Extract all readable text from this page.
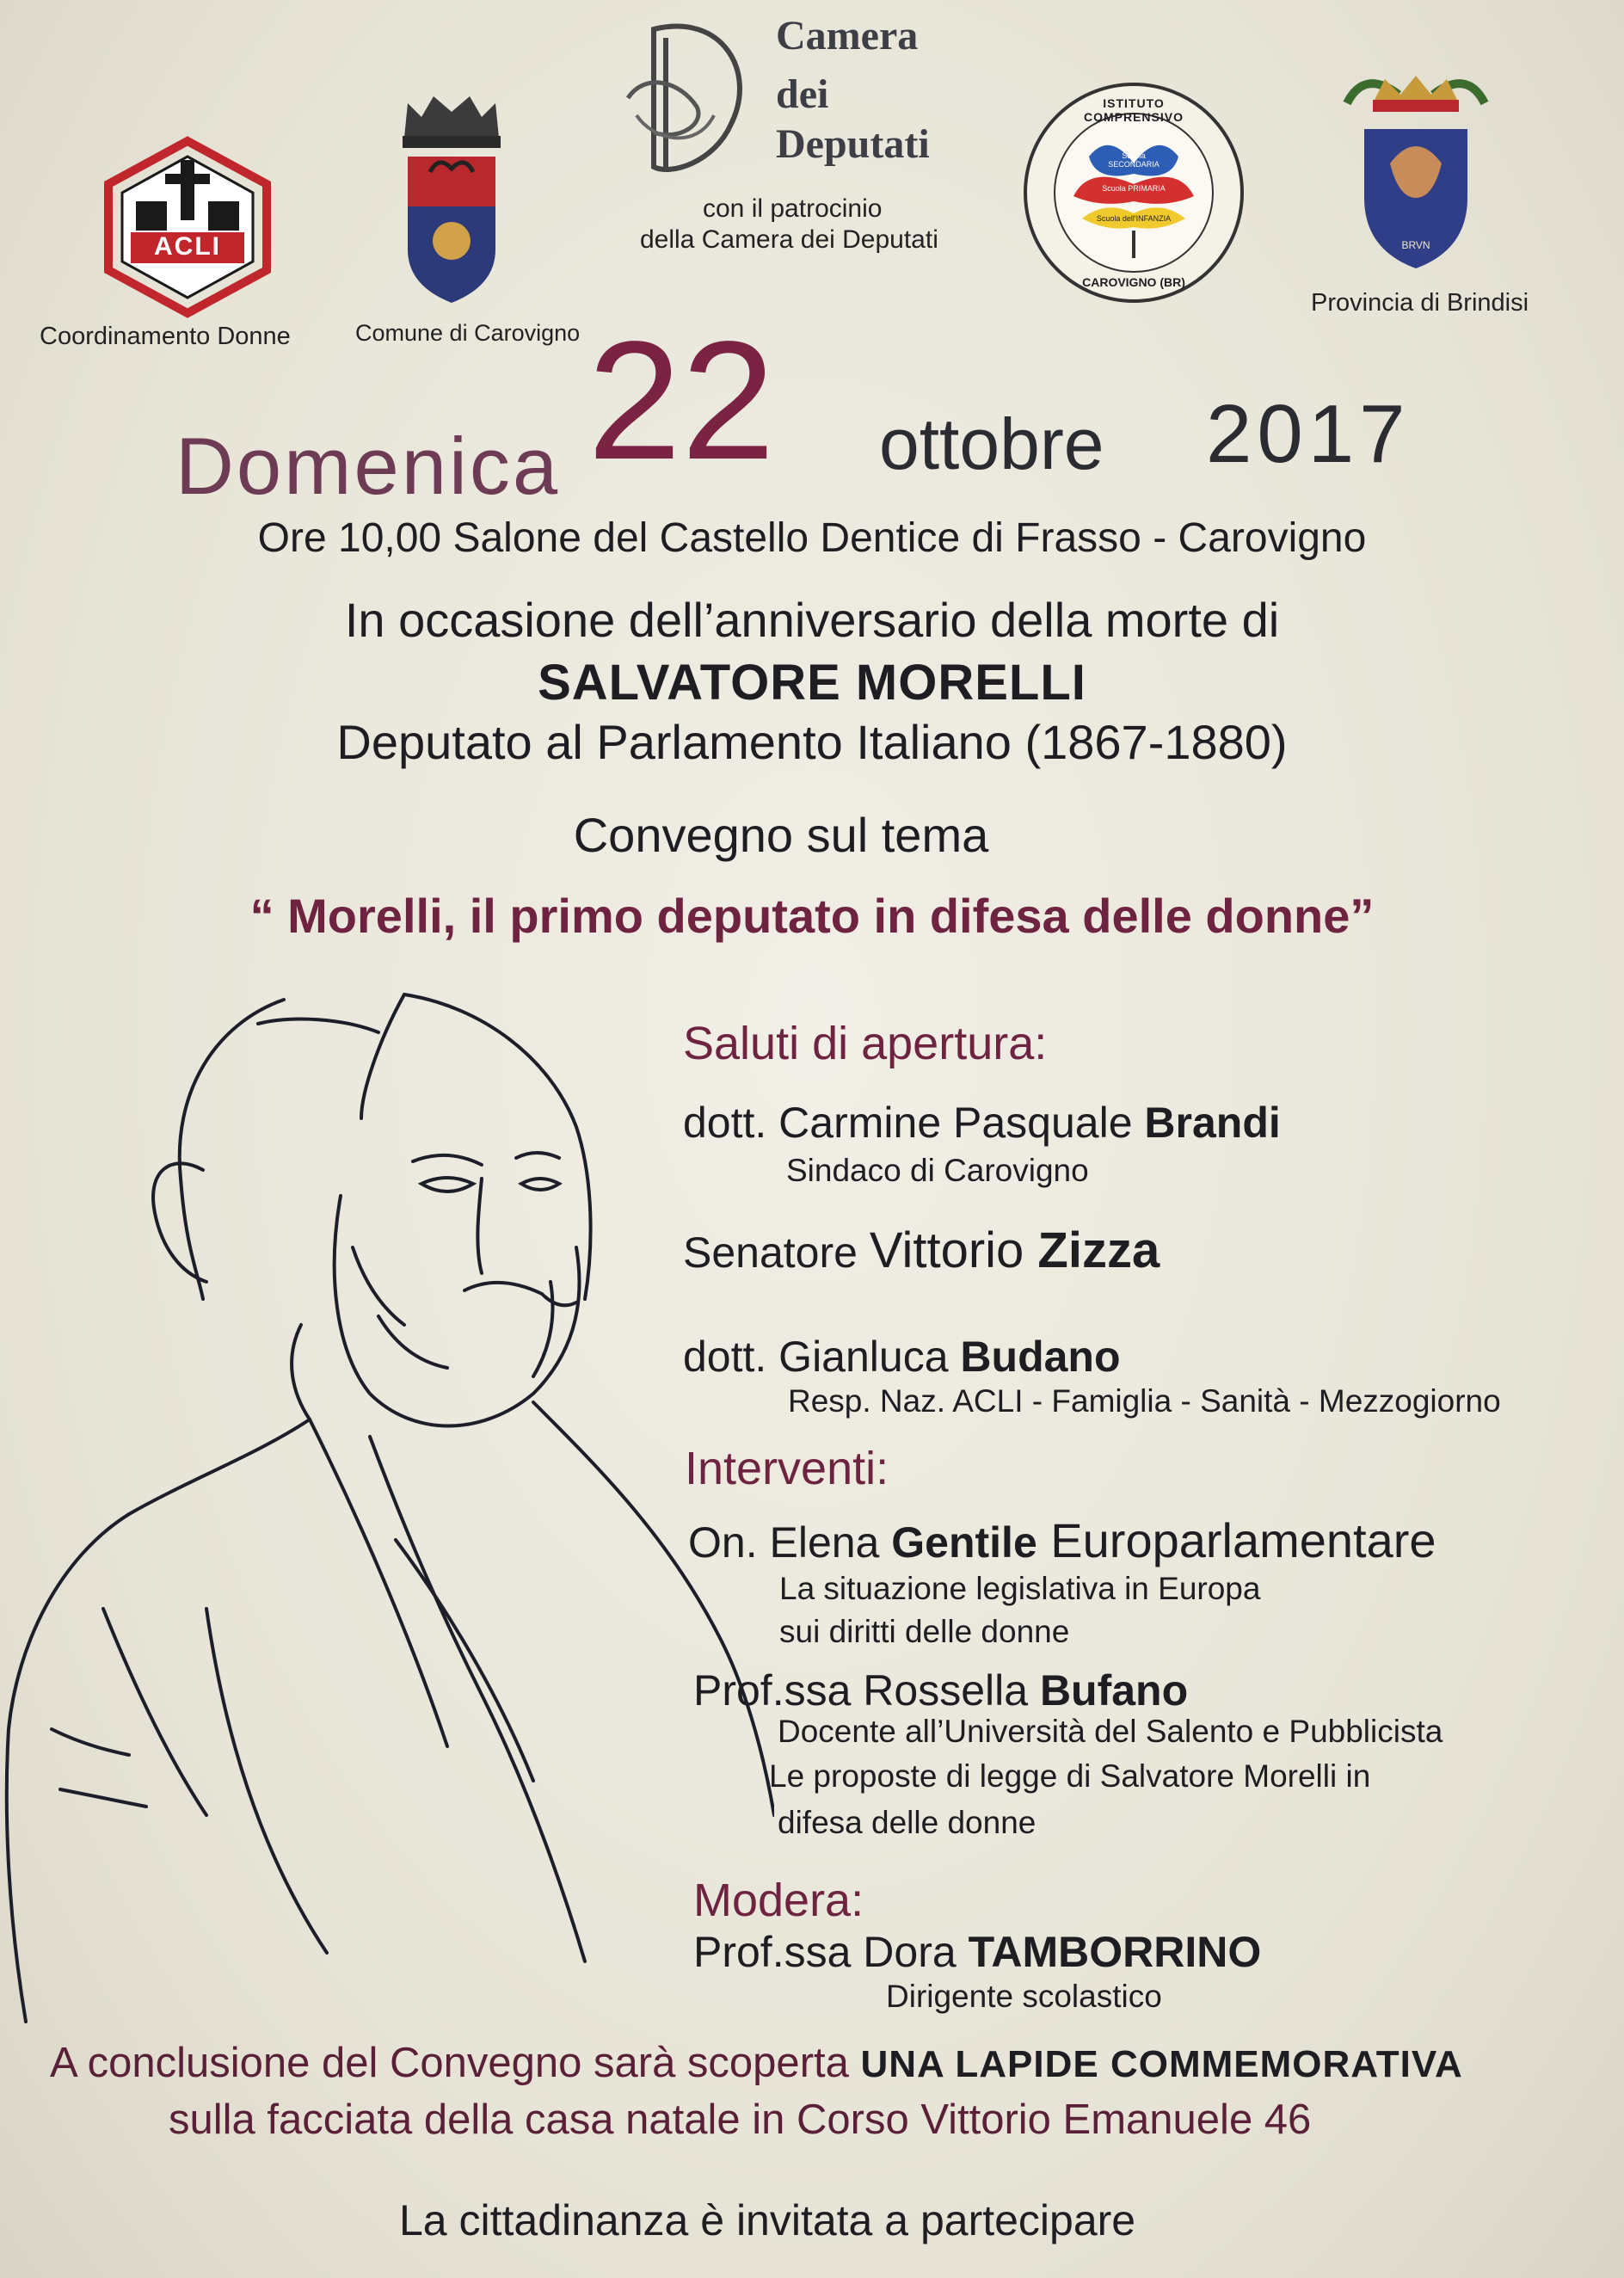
ACLI
Coordinamento Donne	Comune di Carovigno
Camera
dei
Deputati
con il patrocinio
della Camera dei Deputati
ISTITUTO COMPRENSIVO
CAROVIGNO (BR)
Scuola SECONDARIA
Scuola PRIMARIA
Scuola dell'INFANZIA
BRVN
Provincia di Brindisi
Domenica 22 ottobre 2017
Ore 10,00 Salone del Castello Dentice di Frasso - Carovigno
In occasione dell’anniversario della morte di
SALVATORE MORELLI
Deputato al Parlamento Italiano (1867-1880)
Convegno sul tema
“ Morelli, il primo deputato in difesa delle donne”
Saluti di apertura:
dott. Carmine Pasquale Brandi
Sindaco di Carovigno
Senatore Vittorio Zizza
dott. Gianluca Budano
Resp. Naz. ACLI - Famiglia - Sanità - Mezzogiorno
Interventi:
On. Elena Gentile Europarlamentare
La situazione legislativa in Europa
sui diritti delle donne
Prof.ssa Rossella Bufano
Docente all’Università del Salento e Pubblicista
Le proposte di legge di Salvatore Morelli in
difesa delle donne
Modera:
Prof.ssa Dora TAMBORRINO
Dirigente scolastico
A conclusione del Convegno sarà scoperta UNA LAPIDE COMMEMORATIVA
sulla facciata della casa natale in Corso Vittorio Emanuele 46
La cittadinanza è invitata a partecipare
